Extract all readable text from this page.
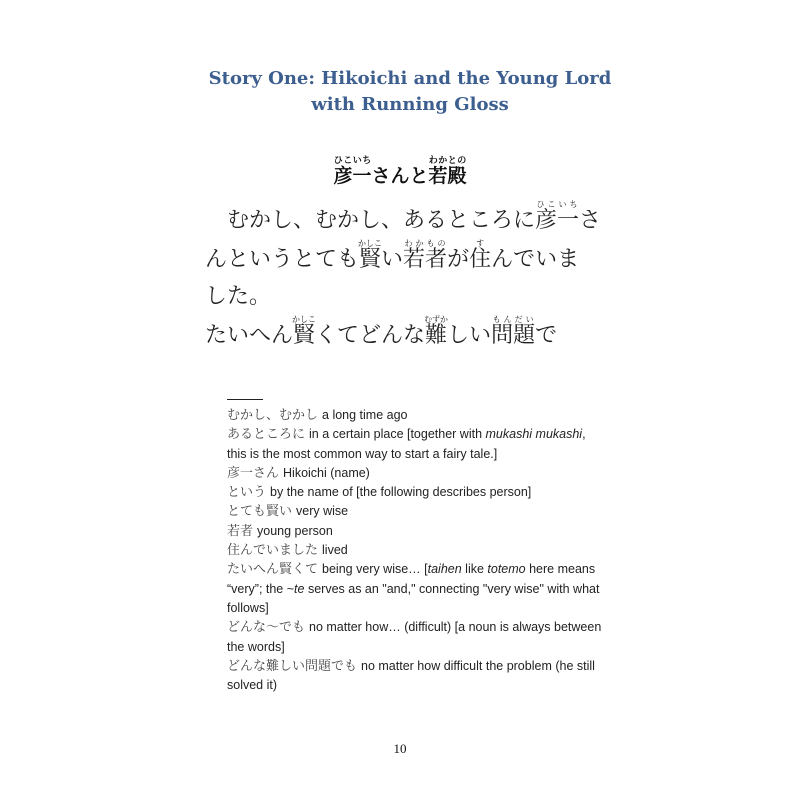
Story One: Hikoichi and the Young Lord
with Running Gloss
彦一ひこいちさんと若殿わかとの
むかし、むかし、あるところに彦一ひこいちさ
んというとても賢かしこい若者わかものが住すんでいま
した。
たいへん賢かしこくてどんな難むずかしい問題もんだいで
むかし、むかし a long time ago
あるところに in a certain place [together with mukashi mukashi, this is the most common way to start a fairy tale.]
彦一さん Hikoichi (name)
という by the name of [the following describes person]
とても賢い very wise
若者 young person
住んでいました lived
たいへん賢くて being very wise… [taihen like totemo here means “very”; the ~te serves as an "and," connecting "very wise" with what follows]
どんな～でも no matter how… (difficult) [a noun is always between the words]
どんな難しい問題でも no matter how difficult the problem (he still solved it)
10
